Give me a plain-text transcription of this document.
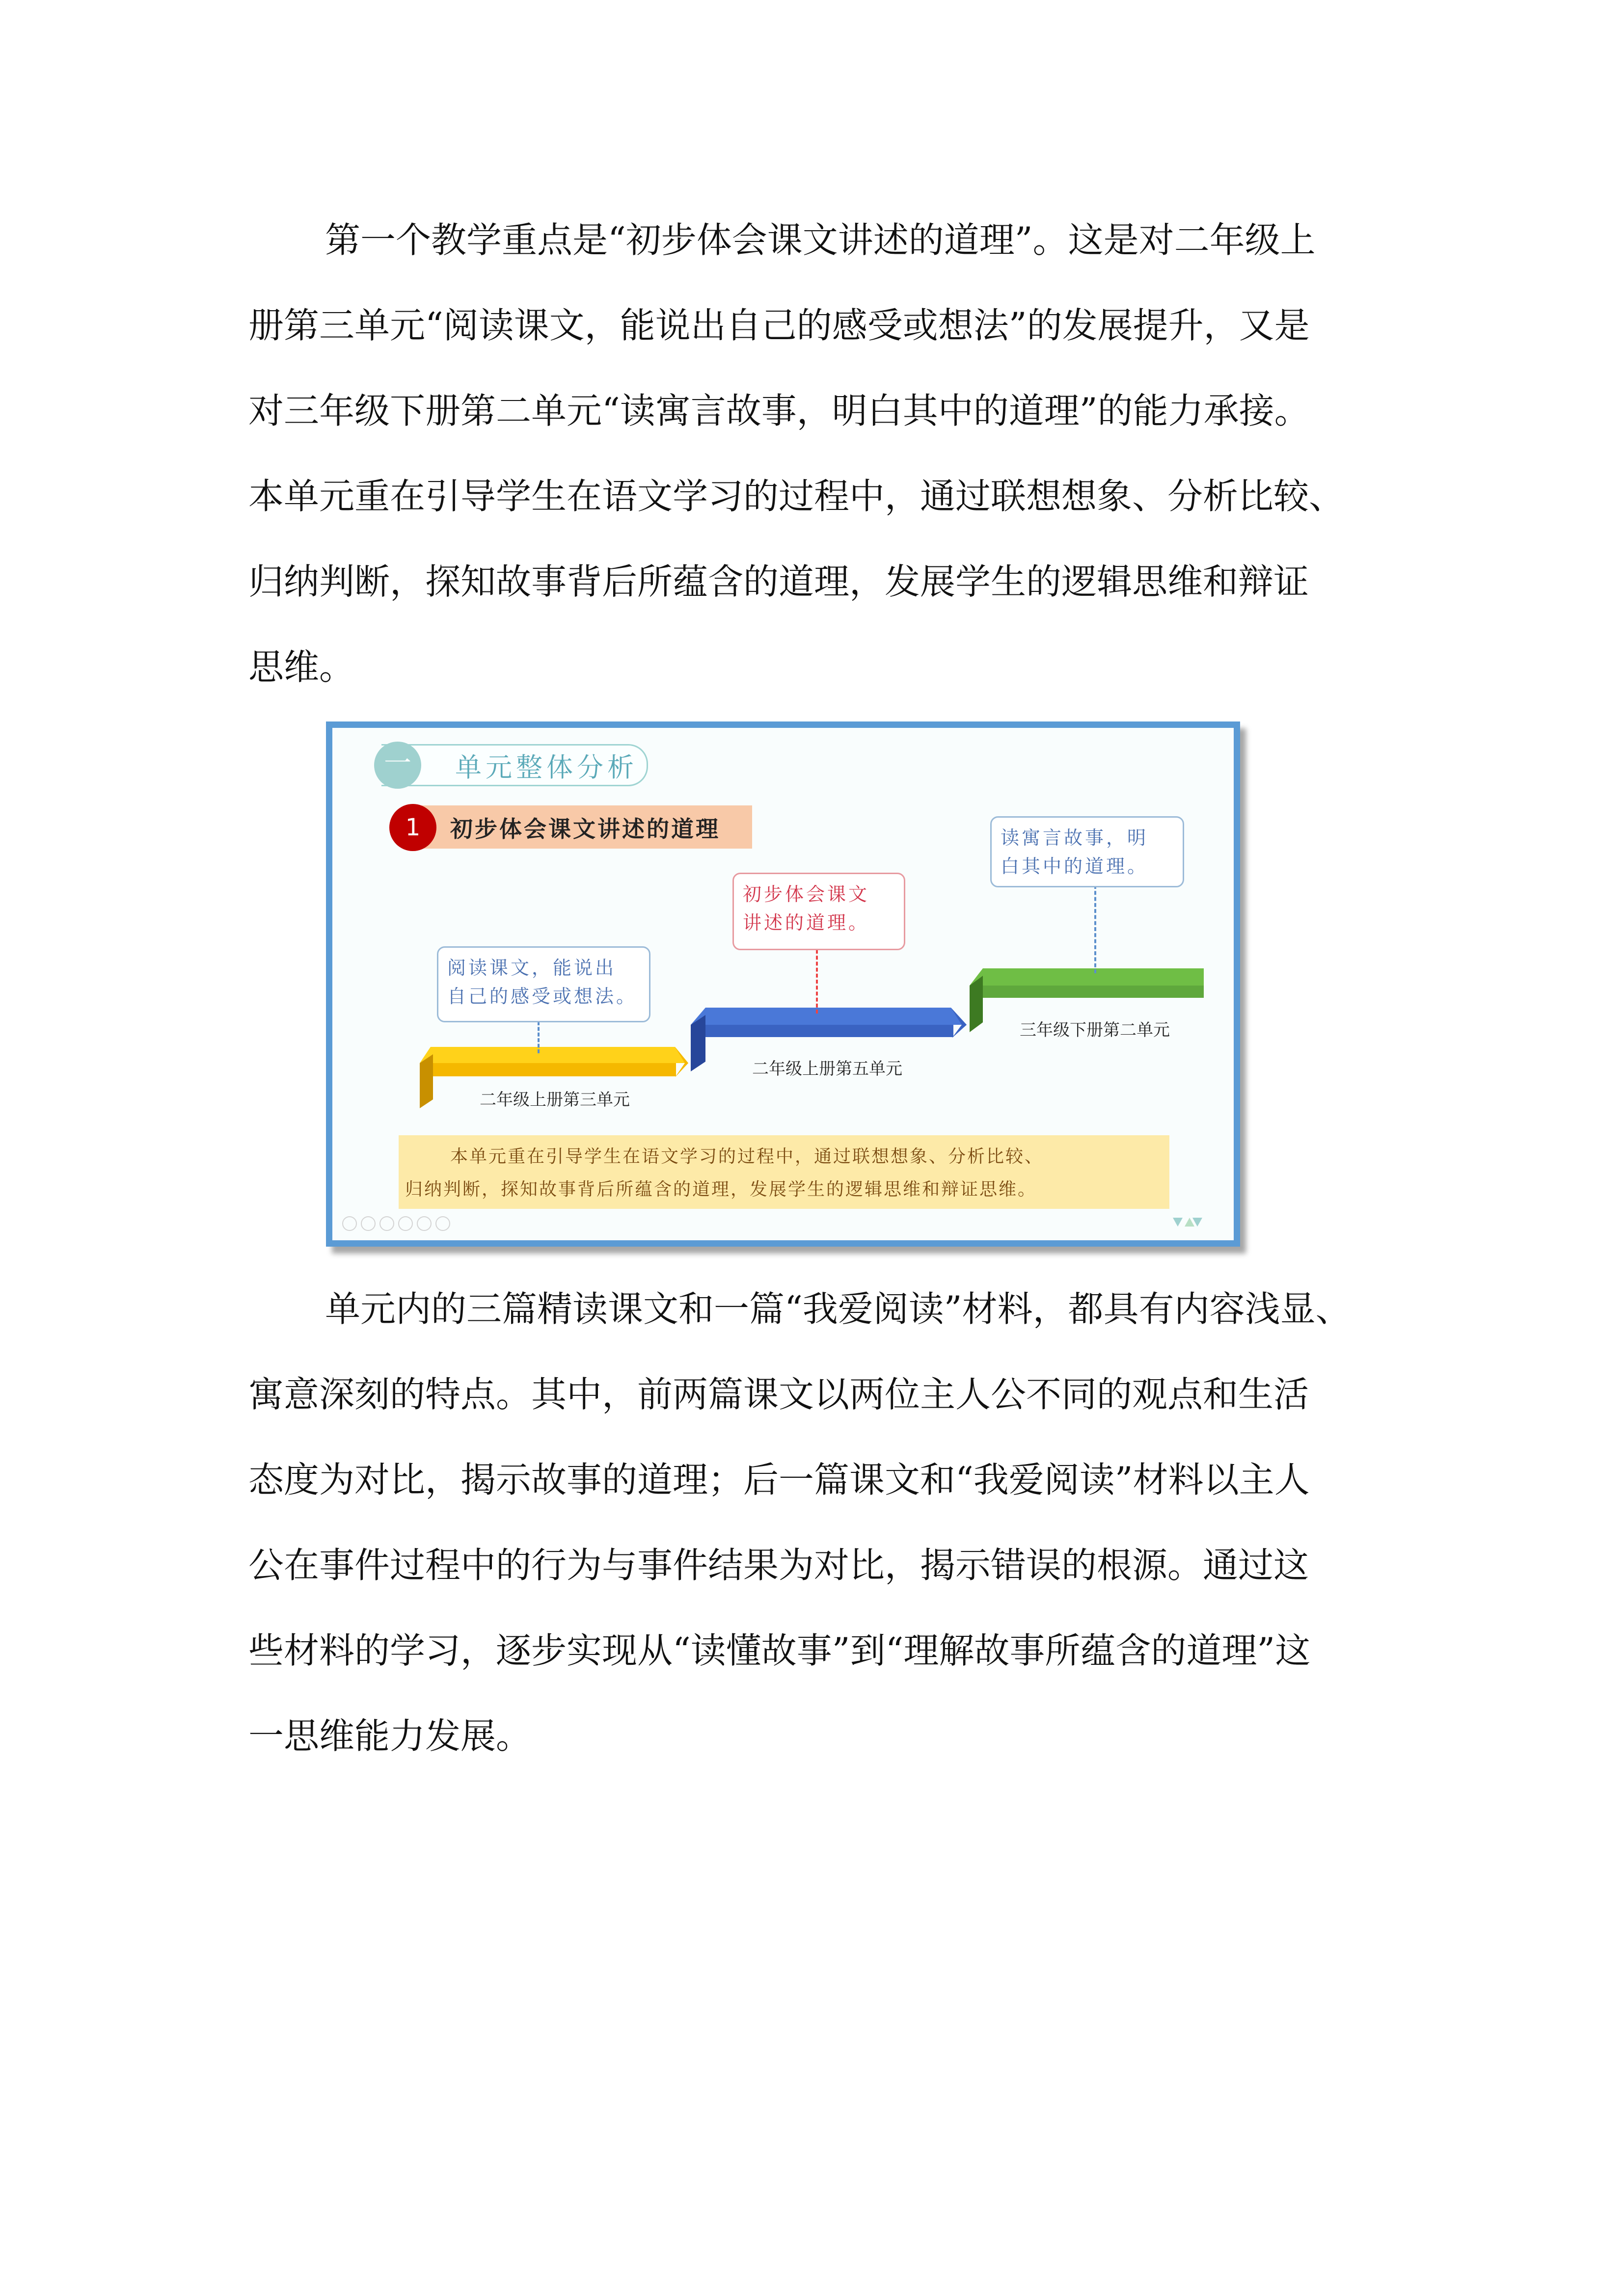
第一个教学重点是“初步体会课文讲述的道理”。这是对二年级上
册第三单元“阅读课文，能说出自己的感受或想法”的发展提升，又是
对三年级下册第二单元“读寓言故事，明白其中的道理”的能力承接。
本单元重在引导学生在语文学习的过程中，通过联想想象、分析比较、
归纳判断，探知故事背后所蕴含的道理，发展学生的逻辑思维和辩证
思维。
一	单元整体分析
1	初步体会课文讲述的道理
二年级上册第三单元
二年级上册第五单元
三年级下册第二单元
阅读课文，能说出
自己的感受或想法。
初步体会课文
讲述的道理。
读寓言故事，明
白其中的道理。
本单元重在引导学生在语文学习的过程中，通过联想想象、分析比较、
归纳判断，探知故事背后所蕴含的道理，发展学生的逻辑思维和辩证思维。
单元内的三篇精读课文和一篇“我爱阅读”材料，都具有内容浅显、
寓意深刻的特点。其中，前两篇课文以两位主人公不同的观点和生活
态度为对比，揭示故事的道理；后一篇课文和“我爱阅读”材料以主人
公在事件过程中的行为与事件结果为对比，揭示错误的根源。通过这
些材料的学习，逐步实现从“读懂故事”到“理解故事所蕴含的道理”这
一思维能力发展。
